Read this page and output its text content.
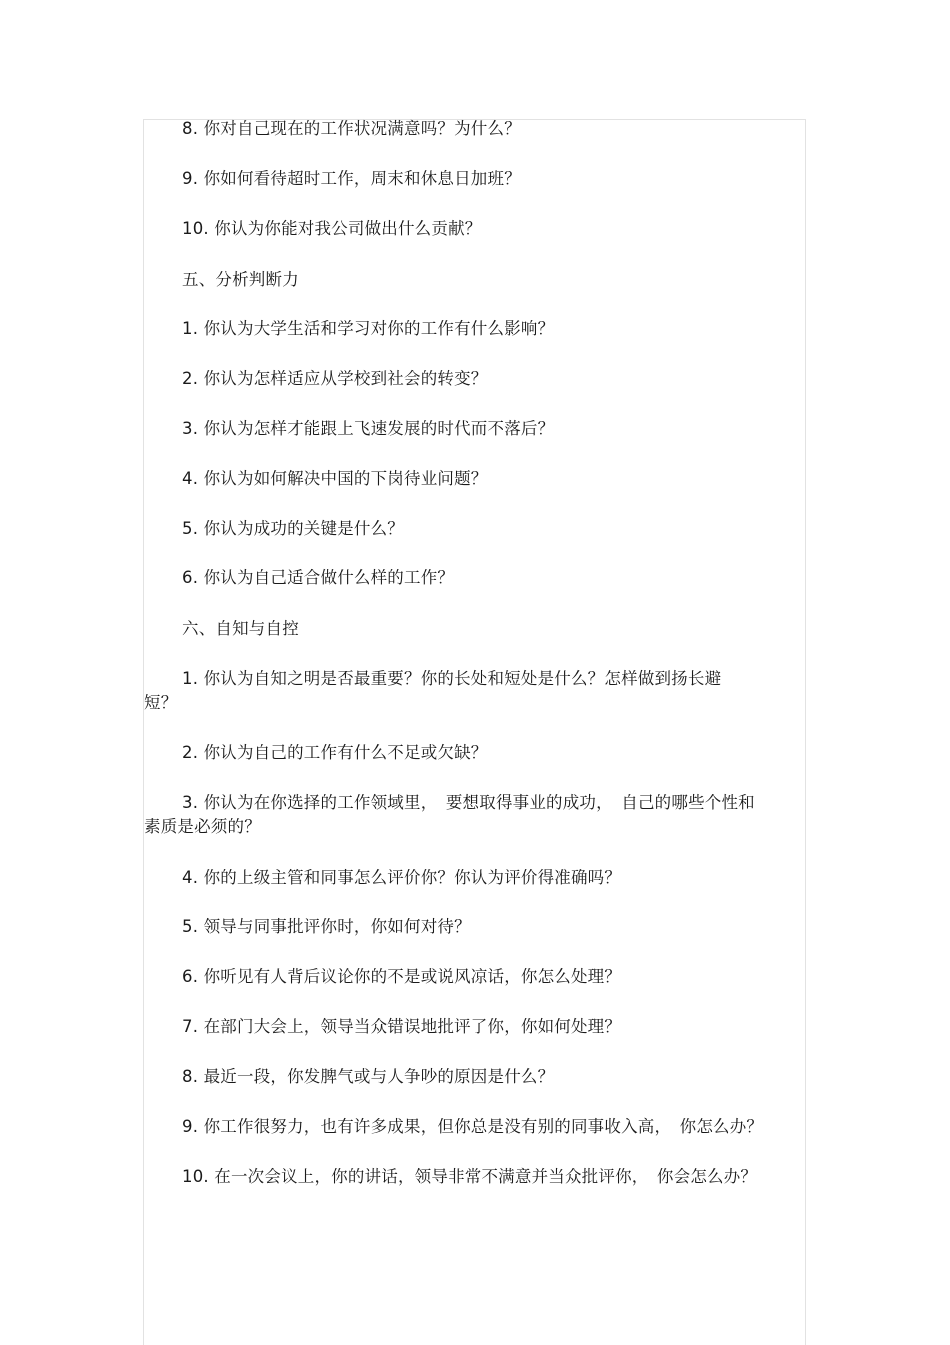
8. 你对自己现在的工作状况满意吗？为什么？
9. 你如何看待超时工作，周末和休息日加班？
10. 你认为你能对我公司做出什么贡献？
五、分析判断力
1. 你认为大学生活和学习对你的工作有什么影响？
2. 你认为怎样适应从学校到社会的转变？
3. 你认为怎样才能跟上飞速发展的时代而不落后？
4. 你认为如何解决中国的下岗待业问题？
5. 你认为成功的关键是什么？
6. 你认为自己适合做什么样的工作？
六、自知与自控
1. 你认为自知之明是否最重要？你的长处和短处是什么？怎样做到扬长避
短？
2. 你认为自己的工作有什么不足或欠缺？
3. 你认为在你选择的工作领域里，　要想取得事业的成功，　自己的哪些个性和
素质是必须的？
4. 你的上级主管和同事怎么评价你？你认为评价得准确吗？
5. 领导与同事批评你时，你如何对待？
6. 你听见有人背后议论你的不是或说风凉话，你怎么处理？
7. 在部门大会上，领导当众错误地批评了你，你如何处理？
8. 最近一段，你发脾气或与人争吵的原因是什么？
9. 你工作很努力，也有许多成果，但你总是没有别的同事收入高，　你怎么办？
10. 在一次会议上，你的讲话，领导非常不满意并当众批评你，　你会怎么办？
